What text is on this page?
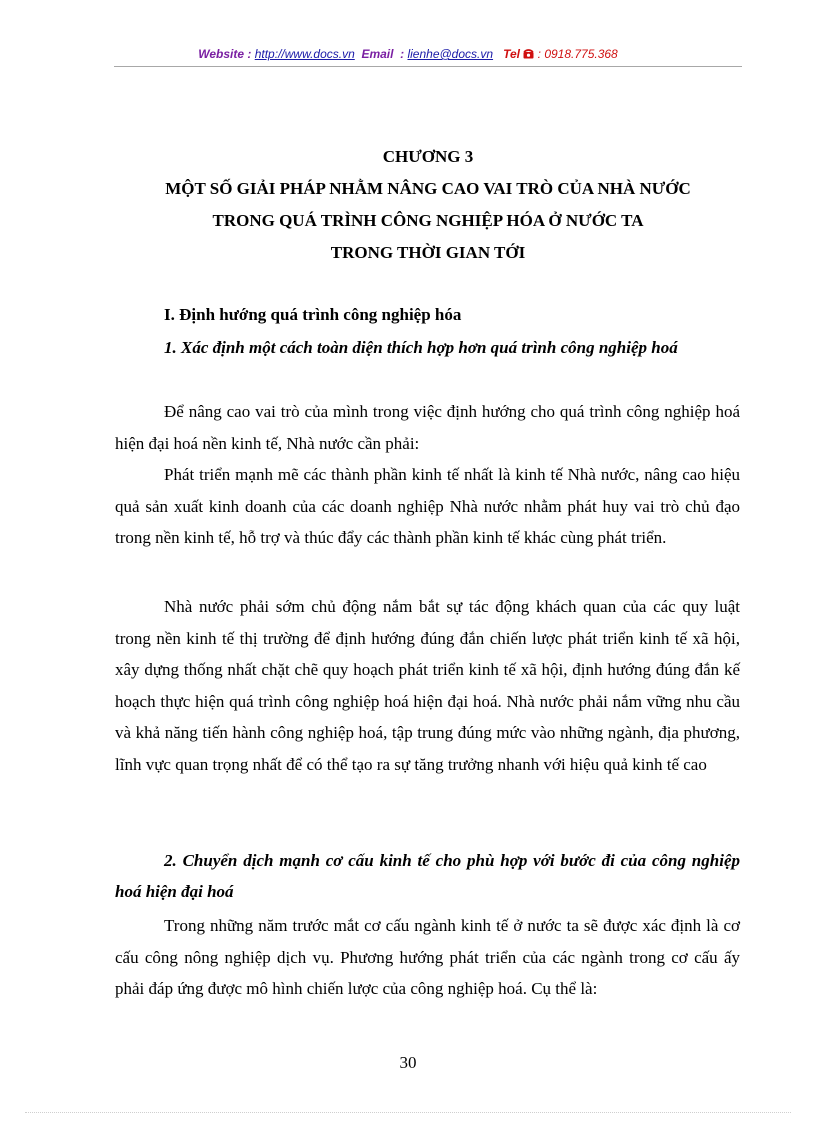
Website : http://www.docs.vn Email : lienhe@docs.vn Tel : 0918.775.368
CHƯƠNG 3
MỘT SỐ GIẢI PHÁP NHẰM NÂNG CAO VAI TRÒ CỦA NHÀ NƯỚC
TRONG QUÁ TRÌNH CÔNG NGHIỆP HÓA Ở NƯỚC TA
TRONG THỜI GIAN TỚI
I. Định hướng quá trình công nghiệp hóa
1. Xác định một cách toàn diện thích hợp hơn quá trình công nghiệp hoá

Để nâng cao vai trò của mình trong việc định hướng cho quá trình công nghiệp hoá hiện đại hoá nền kinh tế, Nhà nước cần phải:

Phát triển mạnh mẽ các thành phần kinh tế nhất là kinh tế Nhà nước, nâng cao hiệu quả sản xuất kinh doanh của các doanh nghiệp Nhà nước nhằm phát huy vai trò chủ đạo trong nền kinh tế, hỗ trợ và thúc đẩy các thành phần kinh tế khác cùng phát triển.

Nhà nước phải sớm chủ động nắm bắt sự tác động khách quan của các quy luật trong nền kinh tế thị trường để định hướng đúng đắn chiến lược phát triển kinh tế xã hội, xây dựng thống nhất chặt chẽ quy hoạch phát triển kinh tế xã hội, định hướng đúng đắn kế hoạch thực hiện quá trình công nghiệp hoá hiện đại hoá. Nhà nước phải nắm vững nhu cầu và khả năng tiến hành công nghiệp hoá, tập trung đúng mức vào những ngành, địa phương, lĩnh vực quan trọng nhất để có thể tạo ra sự tăng trưởng nhanh với hiệu quả kinh tế cao

2. Chuyển dịch mạnh cơ cấu kinh tế cho phù hợp với bước đi của công nghiệp hoá hiện đại hoá

Trong những năm trước mắt cơ cấu ngành kinh tế ở nước ta sẽ được xác định là cơ cấu công nông nghiệp dịch vụ. Phương hướng phát triển của các ngành trong cơ cấu ấy phải đáp ứng được mô hình chiến lược của công nghiệp hoá. Cụ thể là:

30
